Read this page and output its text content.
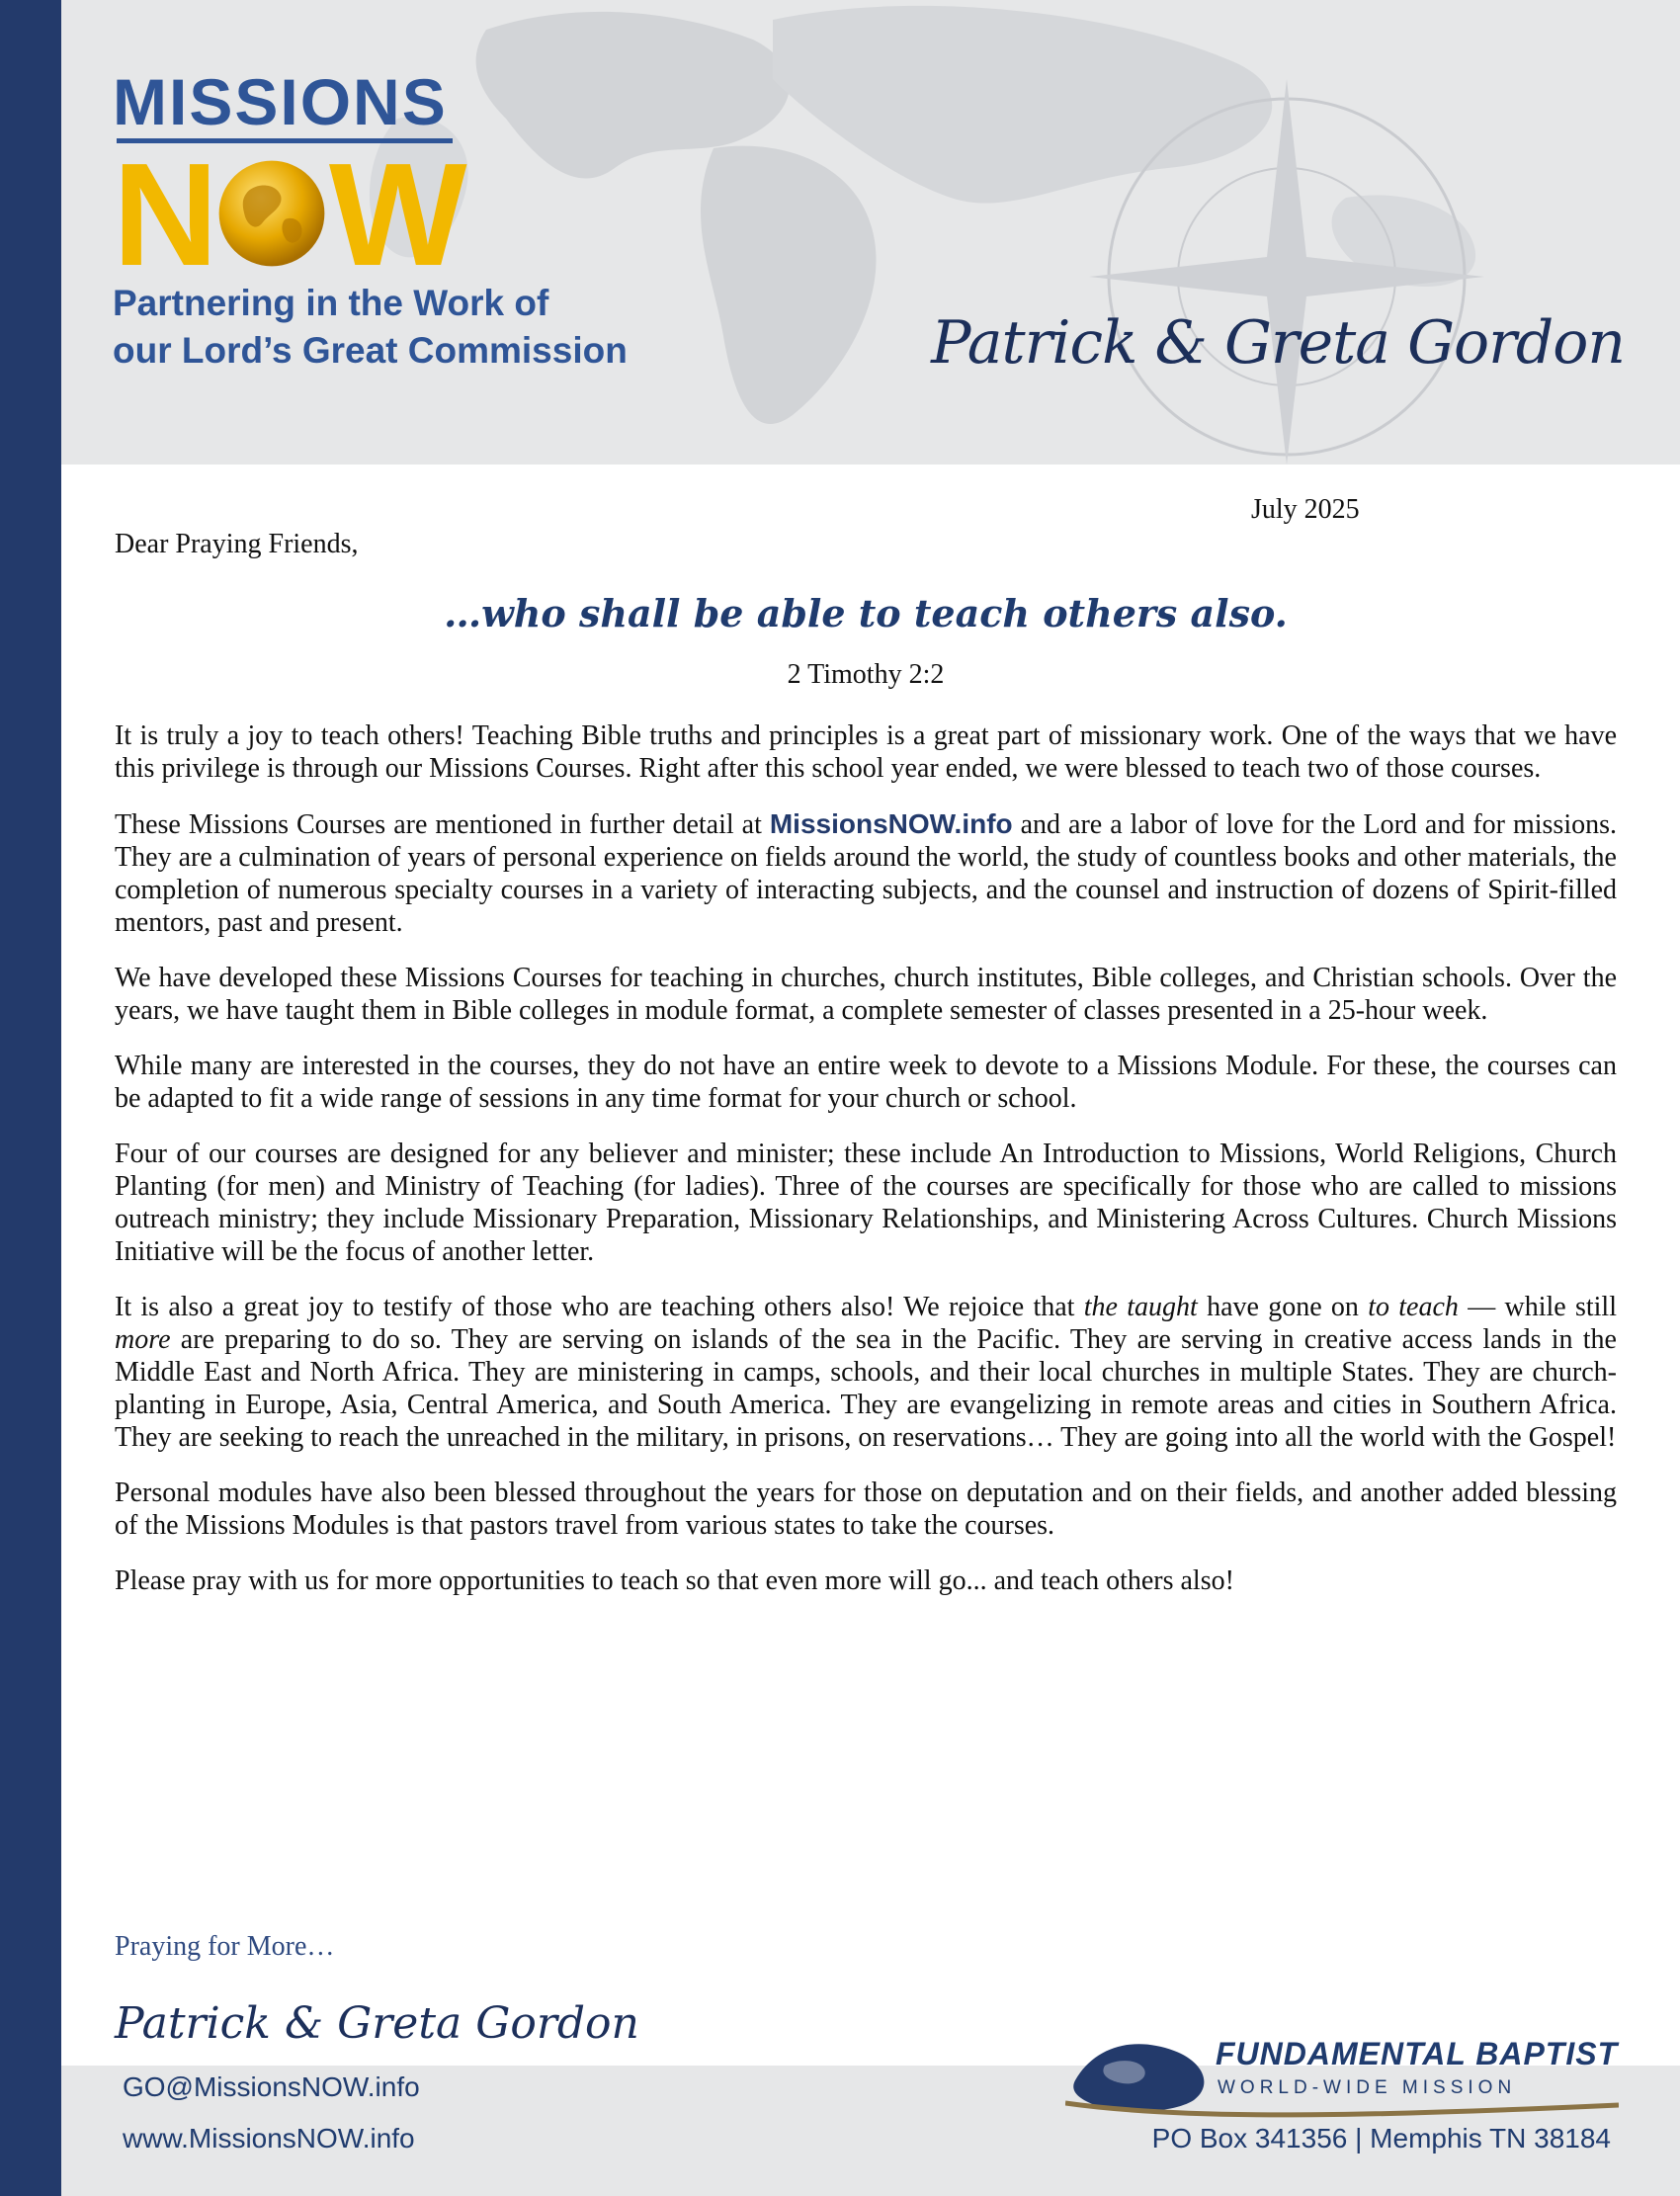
MISSIONS
N W
Partnering in the Work of
our Lord’s Great Commission	Patrick & Greta Gordon
July 2025
Dear Praying Friends,
…who shall be able to teach others also.
2 Timothy 2:2

It is truly a joy to teach others! Teaching Bible truths and principles is a great part of missionary work. One of the ways that we have this privilege is through our Missions Courses. Right after this school year ended, we were blessed to teach two of those courses.

These Missions Courses are mentioned in further detail at MissionsNOW.info and are a labor of love for the Lord and for missions. They are a culmination of years of personal experience on fields around the world, the study of countless books and other materials, the completion of numerous specialty courses in a variety of interacting subjects, and the counsel and instruction of dozens of Spirit-filled mentors, past and present.

We have developed these Missions Courses for teaching in churches, church institutes, Bible colleges, and Christian schools. Over the years, we have taught them in Bible colleges in module format, a complete semester of classes presented in a 25-hour week.

While many are interested in the courses, they do not have an entire week to devote to a Missions Module. For these, the courses can be adapted to fit a wide range of sessions in any time format for your church or school.

Four of our courses are designed for any believer and minister; these include An Introduction to Missions, World Religions, Church Planting (for men) and Ministry of Teaching (for ladies). Three of the courses are specifically for those who are called to missions outreach ministry; they include Missionary Preparation, Missionary Relationships, and Ministering Across Cultures. Church Missions Initiative will be the focus of another letter.

It is also a great joy to testify of those who are teaching others also! We rejoice that the taught have gone on to teach — while still more are preparing to do so. They are serving on islands of the sea in the Pacific. They are serving in creative access lands in the Middle East and North Africa. They are ministering in camps, schools, and their local churches in multiple States. They are church-planting in Europe, Asia, Central America, and South America. They are evangelizing in remote areas and cities in Southern Africa. They are seeking to reach the unreached in the military, in prisons, on reservations… They are going into all the world with the Gospel!

Personal modules have also been blessed throughout the years for those on deputation and on their fields, and another added blessing of the Missions Modules is that pastors travel from various states to take the courses.

Please pray with us for more opportunities to teach so that even more will go... and teach others also!

Praying for More…
Patrick & Greta Gordon
GO@MissionsNOW.info
www.MissionsNOW.info
FUNDAMENTAL BAPTIST
WORLD-WIDE MISSION
PO Box 341356 | Memphis TN 38184
